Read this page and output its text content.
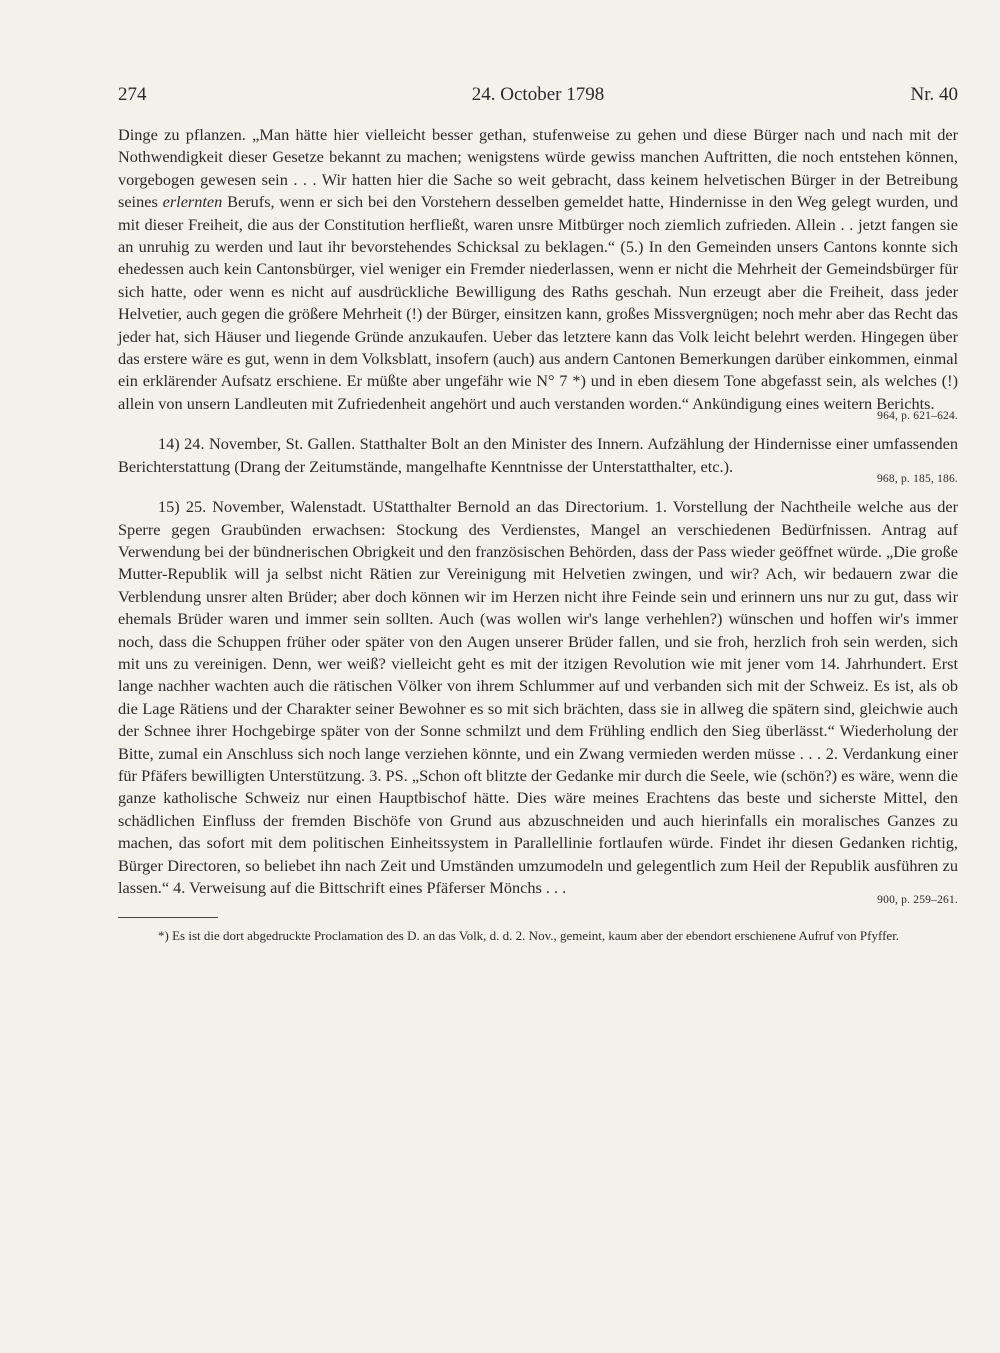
274	24. October 1798	Nr. 40

Dinge zu pflanzen. „Man hätte hier vielleicht besser gethan, stufenweise zu gehen und diese Bürger nach und nach mit der Nothwendigkeit dieser Gesetze bekannt zu machen; wenigstens würde gewiss manchen Auftritten, die noch entstehen können, vorgebogen gewesen sein . . . Wir hatten hier die Sache so weit gebracht, dass keinem helvetischen Bürger in der Betreibung seines erlernten Berufs, wenn er sich bei den Vorstehern desselben gemeldet hatte, Hindernisse in den Weg gelegt wurden, und mit dieser Freiheit, die aus der Constitution herfließt, waren unsre Mitbürger noch ziemlich zufrieden. Allein . . jetzt fangen sie an unruhig zu werden und laut ihr bevorstehendes Schicksal zu beklagen.“ (5.) In den Gemeinden unsers Cantons konnte sich ehedessen auch kein Cantonsbürger, viel weniger ein Fremder niederlassen, wenn er nicht die Mehrheit der Gemeindsbürger für sich hatte, oder wenn es nicht auf ausdrückliche Bewilligung des Raths geschah. Nun erzeugt aber die Freiheit, dass jeder Helvetier, auch gegen die größere Mehrheit (!) der Bürger, einsitzen kann, großes Missvergnügen; noch mehr aber das Recht das jeder hat, sich Häuser und liegende Gründe anzukaufen. Ueber das letztere kann das Volk leicht belehrt werden. Hingegen über das erstere wäre es gut, wenn in dem Volksblatt, insofern (auch) aus andern Cantonen Bemerkungen darüber einkommen, einmal ein erklärender Aufsatz erschiene. Er müßte aber ungefähr wie N° 7 *) und in eben diesem Tone abgefasst sein, als welches (!) allein von unsern Landleuten mit Zufriedenheit angehört und auch verstanden worden.“ Ankündigung eines weitern Berichts.

964, p. 621–624.

14) 24. November, St. Gallen. Statthalter Bolt an den Minister des Innern. Aufzählung der Hindernisse einer umfassenden Berichterstattung (Drang der Zeitumstände, mangelhafte Kenntnisse der Unterstatthalter, etc.).

968, p. 185, 186.

15) 25. November, Walenstadt. UStatthalter Bernold an das Directorium. 1. Vorstellung der Nachtheile welche aus der Sperre gegen Graubünden erwachsen: Stockung des Verdienstes, Mangel an verschiedenen Bedürfnissen. Antrag auf Verwendung bei der bündnerischen Obrigkeit und den französischen Behörden, dass der Pass wieder geöffnet würde. „Die große Mutter-Republik will ja selbst nicht Rätien zur Vereinigung mit Helvetien zwingen, und wir? Ach, wir bedauern zwar die Verblendung unsrer alten Brüder; aber doch können wir im Herzen nicht ihre Feinde sein und erinnern uns nur zu gut, dass wir ehemals Brüder waren und immer sein sollten. Auch (was wollen wir's lange verhehlen?) wünschen und hoffen wir's immer noch, dass die Schuppen früher oder später von den Augen unserer Brüder fallen, und sie froh, herzlich froh sein werden, sich mit uns zu vereinigen. Denn, wer weiß? vielleicht geht es mit der itzigen Revolution wie mit jener vom 14. Jahrhundert. Erst lange nachher wachten auch die rätischen Völker von ihrem Schlummer auf und verbanden sich mit der Schweiz. Es ist, als ob die Lage Rätiens und der Charakter seiner Bewohner es so mit sich brächten, dass sie in allweg die spätern sind, gleichwie auch der Schnee ihrer Hochgebirge später von der Sonne schmilzt und dem Frühling endlich den Sieg überlässt.“ Wiederholung der Bitte, zumal ein Anschluss sich noch lange verziehen könnte, und ein Zwang vermieden werden müsse . . . 2. Verdankung einer für Pfäfers bewilligten Unterstützung. 3. PS. „Schon oft blitzte der Gedanke mir durch die Seele, wie (schön?) es wäre, wenn die ganze katholische Schweiz nur einen Hauptbischof hätte. Dies wäre meines Erachtens das beste und sicherste Mittel, den schädlichen Einfluss der fremden Bischöfe von Grund aus abzuschneiden und auch hierinfalls ein moralisches Ganzes zu machen, das sofort mit dem politischen Einheitssystem in Parallellinie fortlaufen würde. Findet ihr diesen Gedanken richtig, Bürger Directoren, so beliebet ihn nach Zeit und Umständen umzumodeln und gelegentlich zum Heil der Republik ausführen zu lassen.“ 4. Verweisung auf die Bittschrift eines Pfäferser Mönchs . . .

900, p. 259–261.

*) Es ist die dort abgedruckte Proclamation des D. an das Volk, d. d. 2. Nov., gemeint, kaum aber der ebendort erschienene Aufruf von Pfyffer.
